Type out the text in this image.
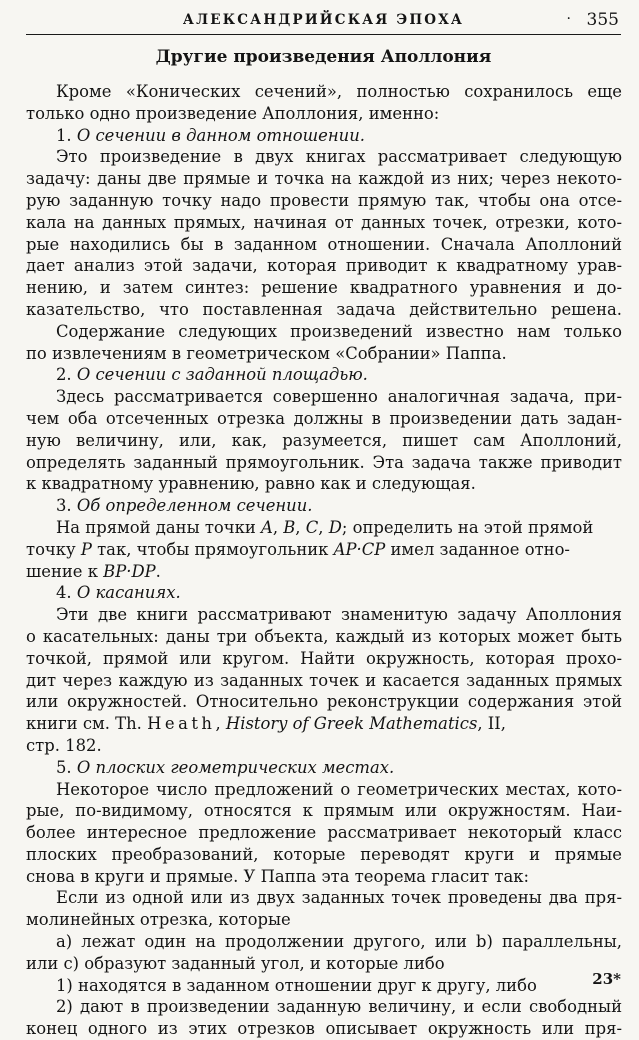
АЛЕКСАНДРИЙСКАЯ ЭПОХА	· 355
Другие произведения Аполлония
Кроме «Конических сечений», полностью сохранилось еще
только одно произведение Аполлония, именно:
1. О сечении в данном отношении.
Это произведение в двух книгах рассматривает следующую
задачу: даны две прямые и точка на каждой из них; через некото-
рую заданную точку надо провести прямую так, чтобы она отсе-
кала на данных прямых, начиная от данных точек, отрезки, кото-
рые находились бы в заданном отношении. Сначала Аполлоний
дает анализ этой задачи, которая приводит к квадратному урав-
нению, и затем синтез: решение квадратного уравнения и до-
казательство, что поставленная задача действительно решена.
Содержание следующих произведений известно нам только
по извлечениям в геометрическом «Собрании» Паппа.
2. О сечении с заданной площадью.
Здесь рассматривается совершенно аналогичная задача, при-
чем оба отсеченных отрезка должны в произведении дать задан-
ную величину, или, как, разумеется, пишет сам Аполлоний,
определять заданный прямоугольник. Эта задача также приводит
к квадратному уравнению, равно как и следующая.
3. Об определенном сечении.
На прямой даны точки A, B, C, D; определить на этой прямой
точку P так, чтобы прямоугольник AP·CP имел заданное отно-
шение к BP·DP.
4. О касаниях.
Эти две книги рассматривают знаменитую задачу Аполлония
о касательных: даны три объекта, каждый из которых может быть
точкой, прямой или кругом. Найти окружность, которая прохо-
дит через каждую из заданных точек и касается заданных прямых
или окружностей. Относительно реконструкции содержания этой
книги см. Th. Heath, History of Greek Mathematics, II,
стр. 182.
5. О плоских геометрических местах.
Некоторое число предложений о геометрических местах, кото-
рые, по-видимому, относятся к прямым или окружностям. Наи-
более интересное предложение рассматривает некоторый класс
плоских преобразований, которые переводят круги и прямые
снова в круги и прямые. У Паппа эта теорема гласит так:
Если из одной или из двух заданных точек проведены два пря-
молинейных отрезка, которые
а) лежат один на продолжении другого, или b) параллельны,
или с) образуют заданный угол, и которые либо
1) находятся в заданном отношении друг к другу, либо
2) дают в произведении заданную величину, и если свободный
конец одного из этих отрезков описывает окружность или пря-
23*
